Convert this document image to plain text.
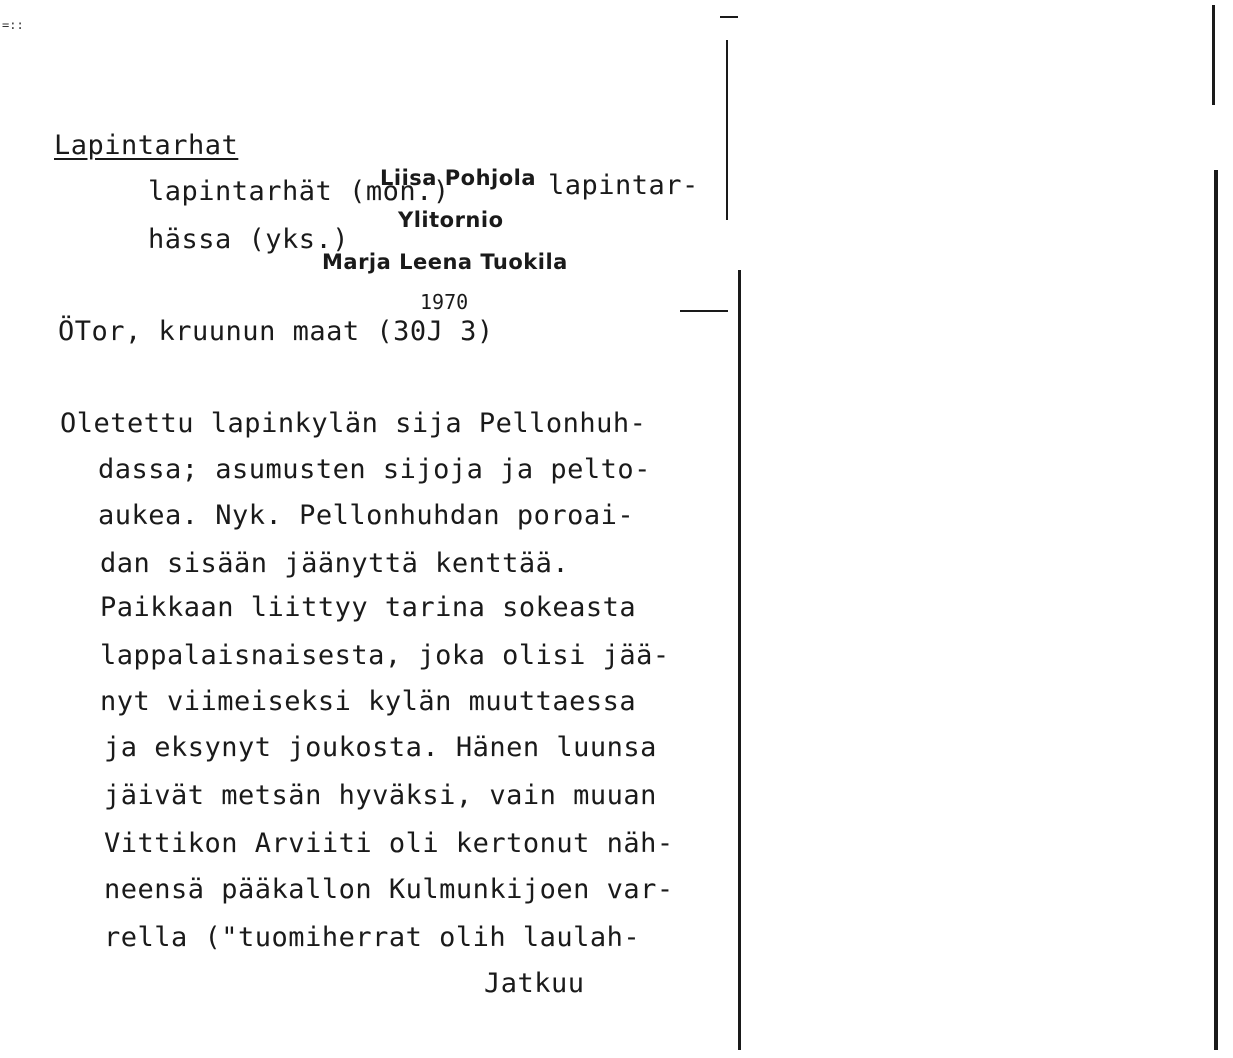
=::
Lapintarhat
lapintarhät (mon.)	lapintar-
hässa (yks.)
Liisa Pohjola
Ylitornio
Marja Leena Tuokila
1970
ÖTor, kruunun maat (30J 3)
Oletettu lapinkylän sija Pellonhuh-
dassa; asumusten sijoja ja pelto-
aukea. Nyk. Pellonhuhdan poroai-
dan sisään jäänyttä kenttää.
Paikkaan liittyy tarina sokeasta
lappalaisnaisesta, joka olisi jää-
nyt viimeiseksi kylän muuttaessa
ja eksynyt joukosta. Hänen luunsa
jäivät metsän hyväksi, vain muuan
Vittikon Arviiti oli kertonut näh-
neensä pääkallon Kulmunkijoen var-
rella ("tuomiherrat olih laulah-
Jatkuu
